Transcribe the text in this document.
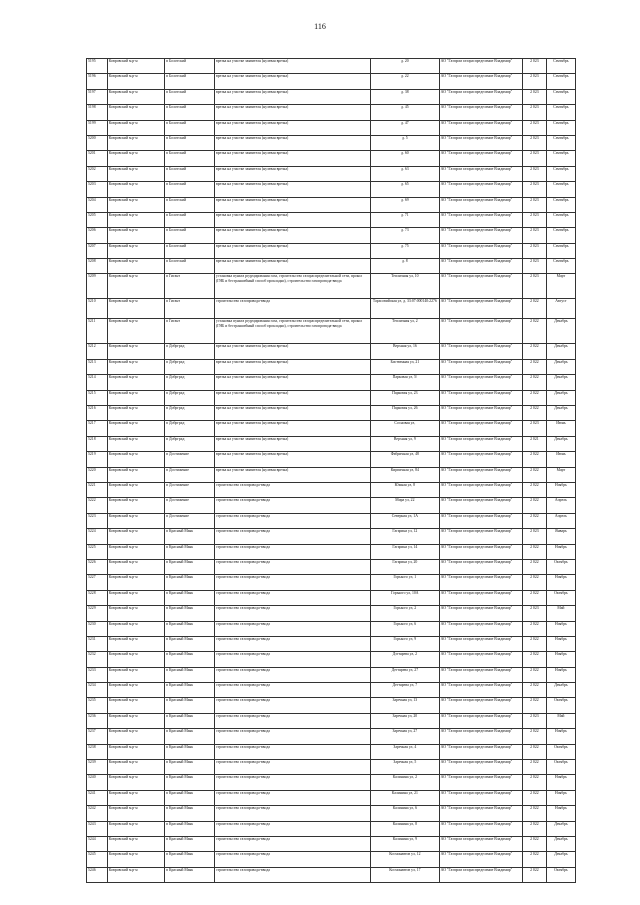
116
5195	Ковровский м.р-н	п Болотский	врезка на участке заявителя (нулевая врезка)	д. 20	АО "Газпром газораспределение Владимир"	2 023	Сентябрь
5196	Ковровский м.р-н	п Болотский	врезка на участке заявителя (нулевая врезка)	д. 22	АО "Газпром газораспределение Владимир"	2 023	Сентябрь
5197	Ковровский м.р-н	п Болотский	врезка на участке заявителя (нулевая врезка)	д. 38	АО "Газпром газораспределение Владимир"	2 023	Сентябрь
5198	Ковровский м.р-н	п Болотский	врезка на участке заявителя (нулевая врезка)	д. 45	АО "Газпром газораспределение Владимир"	2 023	Сентябрь
5199	Ковровский м.р-н	п Болотский	врезка на участке заявителя (нулевая врезка)	д. 47	АО "Газпром газораспределение Владимир"	2 023	Сентябрь
5200	Ковровский м.р-н	п Болотский	врезка на участке заявителя (нулевая врезка)	д. 5	АО "Газпром газораспределение Владимир"	2 023	Сентябрь
5201	Ковровский м.р-н	п Болотский	врезка на участке заявителя (нулевая врезка)	д. 60	АО "Газпром газораспределение Владимир"	2 023	Сентябрь
5202	Ковровский м.р-н	п Болотский	врезка на участке заявителя (нулевая врезка)	д. 63	АО "Газпром газораспределение Владимир"	2 023	Сентябрь
5203	Ковровский м.р-н	п Болотский	врезка на участке заявителя (нулевая врезка)	д. 65	АО "Газпром газораспределение Владимир"	2 023	Сентябрь
5204	Ковровский м.р-н	п Болотский	врезка на участке заявителя (нулевая врезка)	д. 69	АО "Газпром газораспределение Владимир"	2 023	Сентябрь
5205	Ковровский м.р-н	п Болотский	врезка на участке заявителя (нулевая врезка)	д. 71	АО "Газпром газораспределение Владимир"	2 023	Сентябрь
5206	Ковровский м.р-н	п Болотский	врезка на участке заявителя (нулевая врезка)	д. 73	АО "Газпром газораспределение Владимир"	2 023	Сентябрь
5207	Ковровский м.р-н	п Болотский	врезка на участке заявителя (нулевая врезка)	д. 75	АО "Газпром газораспределение Владимир"	2 023	Сентябрь
5208	Ковровский м.р-н	п Болотский	врезка на участке заявителя (нулевая врезка)	д. 8	АО "Газпром газораспределение Владимир"	2 023	Сентябрь
5209	Ковровский м.р-н	п Гигант	установка пункта редуцирования газа, строительство газораспределительной сети, прокол (ГНБ и бестраншейный способ прокладки), строительство газопровода-ввода	Тепличная ул, 10	АО "Газпром газораспределение Владимир"	2 023	Март
5210	Ковровский м.р-н	п Гигант	строительство газопровода-ввода	Тарасовийская ул, д. 33:07:000140:2276	АО "Газпром газораспределение Владимир"	2 022	Август
5211	Ковровский м.р-н	п Гигант	установка пункта редуцирования газа, строительство газораспределительной сети, прокол (ГНБ и бестраншейный способ прокладки), строительство газопровода-ввода	Тепличная ул, 2	АО "Газпром газораспределение Владимир"	2 022	Декабрь
5212	Ковровский м.р-н	п Добрград	врезка на участке заявителя (нулевая врезка)	Верхняя ул, 16	АО "Газпром газораспределение Владимир"	2 022	Декабрь
5213	Ковровский м.р-н	п Добрград	врезка на участке заявителя (нулевая врезка)	Биственная ул, 21	АО "Газпром газораспределение Владимир"	2 022	Декабрь
5214	Ковровский м.р-н	п Добрград	врезка на участке заявителя (нулевая врезка)	Парковая ул, 5\	АО "Газпром газораспределение Владимир"	2 022	Декабрь
5215	Ковровский м.р-н	п Добрград	врезка на участке заявителя (нулевая врезка)	Парковая ул, 23	АО "Газпром газораспределение Владимир"	2 022	Декабрь
5216	Ковровский м.р-н	п Добрград	врезка на участке заявителя (нулевая врезка)	Парковая ул, 26	АО "Газпром газораспределение Владимир"	2 022	Декабрь
5217	Ковровский м.р-н	п Добрград	врезка на участке заявителя (нулевая врезка)	Сосновая ул,	АО "Газпром газораспределение Владимир"	2 023	Июнь
5218	Ковровский м.р-н	п Добрград	врезка на участке заявителя (нулевая врезка)	Верхняя ул, 9	АО "Газпром газораспределение Владимир"	2 021	Декабрь
5219	Ковровский м.р-н	п Достижение	врезка на участке заявителя (нулевая врезка)	Фабричная ул, 48	АО "Газпром газораспределение Владимир"	2 022	Июнь
5220	Ковровский м.р-н	п Достижение	врезка на участке заявителя (нулевая врезка)	Кирпичная ул, 84	АО "Газпром газораспределение Владимир"	2 022	Март
5221	Ковровский м.р-н	п Достижение	строительство газопровода-ввода	Южная ул, 8	АО "Газпром газораспределение Владимир"	2 022	Ноябрь
5222	Ковровский м.р-н	п Достижение	строительство газопровода-ввода	Мира ул, 22	АО "Газпром газораспределение Владимир"	2 022	Апрель
5223	Ковровский м.р-н	п Достижение	строительство газопровода-ввода	Северная ул, 1А	АО "Газпром газораспределение Владимир"	2 022	Апрель
5224	Ковровский м.р-н	п Красный Маяк	строительство газопровода-ввода	Гагарина ул, 12	АО "Газпром газораспределение Владимир"	2 023	Январь
5225	Ковровский м.р-н	п Красный Маяк	строительство газопровода-ввода	Гагарина ул, 14	АО "Газпром газораспределение Владимир"	2 022	Ноябрь
5226	Ковровский м.р-н	п Красный Маяк	строительство газопровода-ввода	Гагарина ул, 20	АО "Газпром газораспределение Владимир"	2 022	Октябрь
5227	Ковровский м.р-н	п Красный Маяк	строительство газопровода-ввода	Горького ул, 1	АО "Газпром газораспределение Владимир"	2 022	Ноябрь
5228	Ковровский м.р-н	п Красный Маяк	строительство газопровода-ввода	Горького ул, 10А	АО "Газпром газораспределение Владимир"	2 022	Октябрь
5229	Ковровский м.р-н	п Красный Маяк	строительство газопровода-ввода	Горького ул, 2	АО "Газпром газораспределение Владимир"	2 023	Май
5230	Ковровский м.р-н	п Красный Маяк	строительство газопровода-ввода	Горького ул, 6	АО "Газпром газораспределение Владимир"	2 022	Ноябрь
5231	Ковровский м.р-н	п Красный Маяк	строительство газопровода-ввода	Горького ул, 9	АО "Газпром газораспределение Владимир"	2 022	Ноябрь
5232	Ковровский м.р-н	п Красный Маяк	строительство газопровода-ввода	Дзгтярева ул, 2	АО "Газпром газораспределение Владимир"	2 022	Ноябрь
5233	Ковровский м.р-н	п Красный Маяк	строительство газопровода-ввода	Дегтярева ул, 27	АО "Газпром газораспределение Владимир"	2 022	Ноябрь
5234	Ковровский м.р-н	п Красный Маяк	строительство газопровода-ввода	Дегтярева ул, 7	АО "Газпром газораспределение Владимир"	2 022	Декабрь
5235	Ковровский м.р-н	п Красный Маяк	строительство газопровода-ввода	Заречная ул, 13	АО "Газпром газораспределение Владимир"	2 022	Октябрь
5236	Ковровский м.р-н	п Красный Маяк	строительство газопровода-ввода	Заречная ул, 20	АО "Газпром газораспределение Владимир"	2 023	Май
5237	Ковровский м.р-н	п Красный Маяк	строительство газопровода-ввода	Заречная ул, 27	АО "Газпром газораспределение Владимир"	2 022	Ноябрь
5238	Ковровский м.р-н	п Красный Маяк	строительство газопровода-ввода	Заречная ул, 4	АО "Газпром газораспределение Владимир"	2 022	Октябрь
5239	Ковровский м.р-н	п Красный Маяк	строительство газопровода-ввода	Заречная ул, 5	АО "Газпром газораспределение Владимир"	2 022	Октябрь
5240	Ковровский м.р-н	п Красный Маяк	строительство газопровода-ввода	Калинина ул, 2	АО "Газпром газораспределение Владимир"	2 022	Ноябрь
5241	Ковровский м.р-н	п Красный Маяк	строительство газопровода-ввода	Калинина ул, 21	АО "Газпром газораспределение Владимир"	2 022	Ноябрь
5242	Ковровский м.р-н	п Красный Маяк	строительство газопровода-ввода	Калинина ул, 6	АО "Газпром газораспределение Владимир"	2 022	Ноябрь
5243	Ковровский м.р-н	п Красный Маяк	строительство газопровода-ввода	Калинина ул, 8	АО "Газпром газораспределение Владимир"	2 022	Декабрь
5244	Ковровский м.р-н	п Красный Маяк	строительство газопровода-ввода	Калинина ул, 9	АО "Газпром газораспределение Владимир"	2 022	Декабрь
5245	Ковровский м.р-н	п Красный Маяк	строительство газопровода-ввода	Космонавтов ул, 12	АО "Газпром газораспределение Владимир"	2 022	Декабрь
5246	Ковровский м.р-н	п Красный Маяк	строительство газопровода-ввода	Космонавтов ул, 17	АО "Газпром газораспределение Владимир"	2 022	Октябрь
